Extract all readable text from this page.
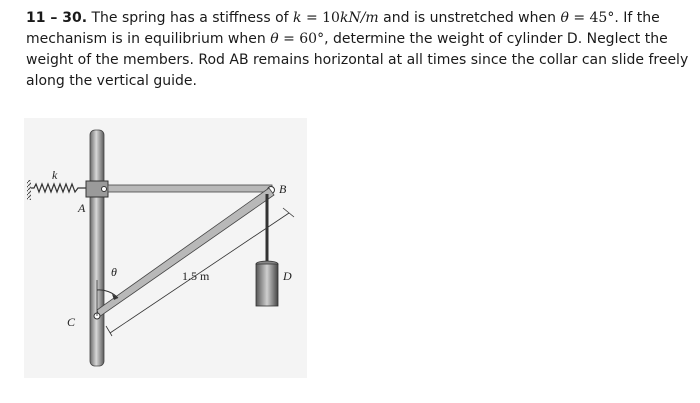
11 – 30. The spring has a stiffness of k = 10kN/m and is unstretched when θ = 45°. If the mechanism is in equilibrium when θ = 60°, determine the weight of cylinder D. Neglect the weight of the members. Rod AB remains horizontal at all times since the collar can slide freely along the vertical guide.
k
A
B
C
D
θ	1.5 m
